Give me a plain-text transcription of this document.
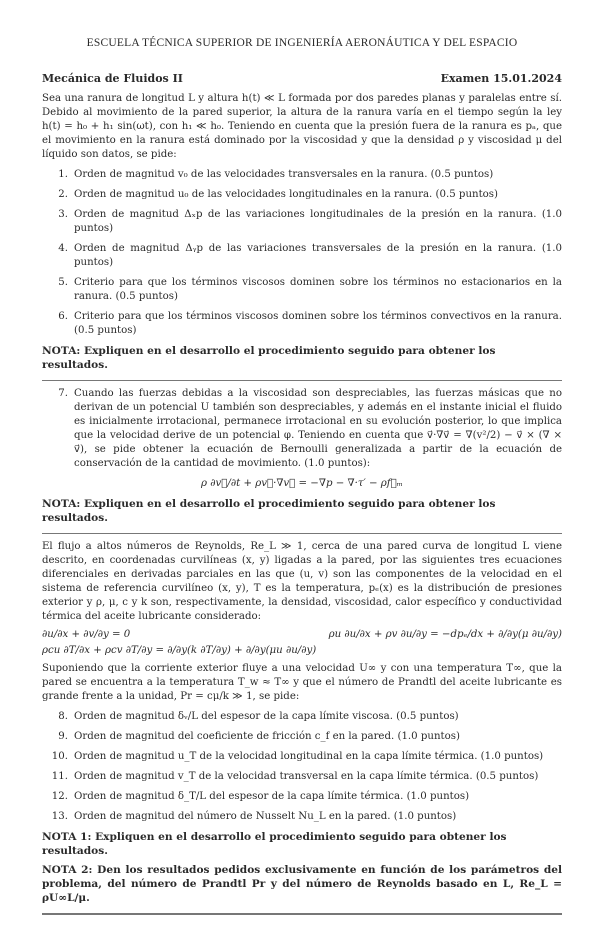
ESCUELA TÉCNICA SUPERIOR DE INGENIERÍA AERONÁUTICA Y DEL ESPACIO
Mecánica de Fluidos II	Examen 15.01.2024
Sea una ranura de longitud L y altura h(t) ≪ L formada por dos paredes planas y paralelas entre sí. Debido al movimiento de la pared superior, la altura de la ranura varía en el tiempo según la ley h(t) = h₀ + h₁ sin(ωt), con h₁ ≪ h₀. Teniendo en cuenta que la presión fuera de la ranura es pₐ, que el movimiento en la ranura está dominado por la viscosidad y que la densidad ρ y viscosidad μ del líquido son datos, se pide:
1. Orden de magnitud v₀ de las velocidades transversales en la ranura. (0.5 puntos)
2. Orden de magnitud u₀ de las velocidades longitudinales en la ranura. (0.5 puntos)
3. Orden de magnitud Δₓp de las variaciones longitudinales de la presión en la ranura. (1.0 puntos)
4. Orden de magnitud Δᵧp de las variaciones transversales de la presión en la ranura. (1.0 puntos)
5. Criterio para que los términos viscosos dominen sobre los términos no estacionarios en la ranura. (0.5 puntos)
6. Criterio para que los términos viscosos dominen sobre los términos convectivos en la ranura. (0.5 puntos)
NOTA: Expliquen en el desarrollo el procedimiento seguido para obtener los resultados.
7. Cuando las fuerzas debidas a la viscosidad son despreciables, las fuerzas másicas que no derivan de un potencial U también son despreciables, y además en el instante inicial el fluido es inicialmente irrotacional, permanece irrotacional en su evolución posterior, lo que implica que la velocidad derive de un potencial φ. Teniendo en cuenta que v⃗·∇v⃗ = ∇(v²/2) − v⃗ × (∇ × v⃗), se pide obtener la ecuación de Bernoulli generalizada a partir de la ecuación de conservación de la cantidad de movimiento. (1.0 puntos):
ρ ∂v⃗/∂t + ρv⃗·∇v⃗ = −∇p − ∇·τ′ − ρf⃗ₘ
NOTA: Expliquen en el desarrollo el procedimiento seguido para obtener los resultados.
El flujo a altos números de Reynolds, Re_L ≫ 1, cerca de una pared curva de longitud L viene descrito, en coordenadas curvilíneas (x, y) ligadas a la pared, por las siguientes tres ecuaciones diferenciales en derivadas parciales en las que (u, v) son las componentes de la velocidad en el sistema de referencia curvilíneo (x, y), T es la temperatura, pₑ(x) es la distribución de presiones exterior y ρ, μ, c y k son, respectivamente, la densidad, viscosidad, calor específico y conductividad térmica del aceite lubricante considerado:
∂u/∂x + ∂v/∂y = 0	ρu ∂u/∂x + ρv ∂u/∂y = −dpₑ/dx + ∂/∂y(μ ∂u/∂y)
ρcu ∂T/∂x + ρcv ∂T/∂y = ∂/∂y(k ∂T/∂y) + ∂/∂y(μu ∂u/∂y)
Suponiendo que la corriente exterior fluye a una velocidad U∞ y con una temperatura T∞, que la pared se encuentra a la temperatura T_w ≈ T∞ y que el número de Prandtl del aceite lubricante es grande frente a la unidad, Pr = cμ/k ≫ 1, se pide:
8. Orden de magnitud δᵥ/L del espesor de la capa límite viscosa. (0.5 puntos)
9. Orden de magnitud del coeficiente de fricción c_f en la pared. (1.0 puntos)
10. Orden de magnitud u_T de la velocidad longitudinal en la capa límite térmica. (1.0 puntos)
11. Orden de magnitud v_T de la velocidad transversal en la capa límite térmica. (0.5 puntos)
12. Orden de magnitud δ_T/L del espesor de la capa límite térmica. (1.0 puntos)
13. Orden de magnitud del número de Nusselt Nu_L en la pared. (1.0 puntos)
NOTA 1: Expliquen en el desarrollo el procedimiento seguido para obtener los resultados.
NOTA 2: Den los resultados pedidos exclusivamente en función de los parámetros del problema, del número de Prandtl Pr y del número de Reynolds basado en L, Re_L = ρU∞L/μ.
